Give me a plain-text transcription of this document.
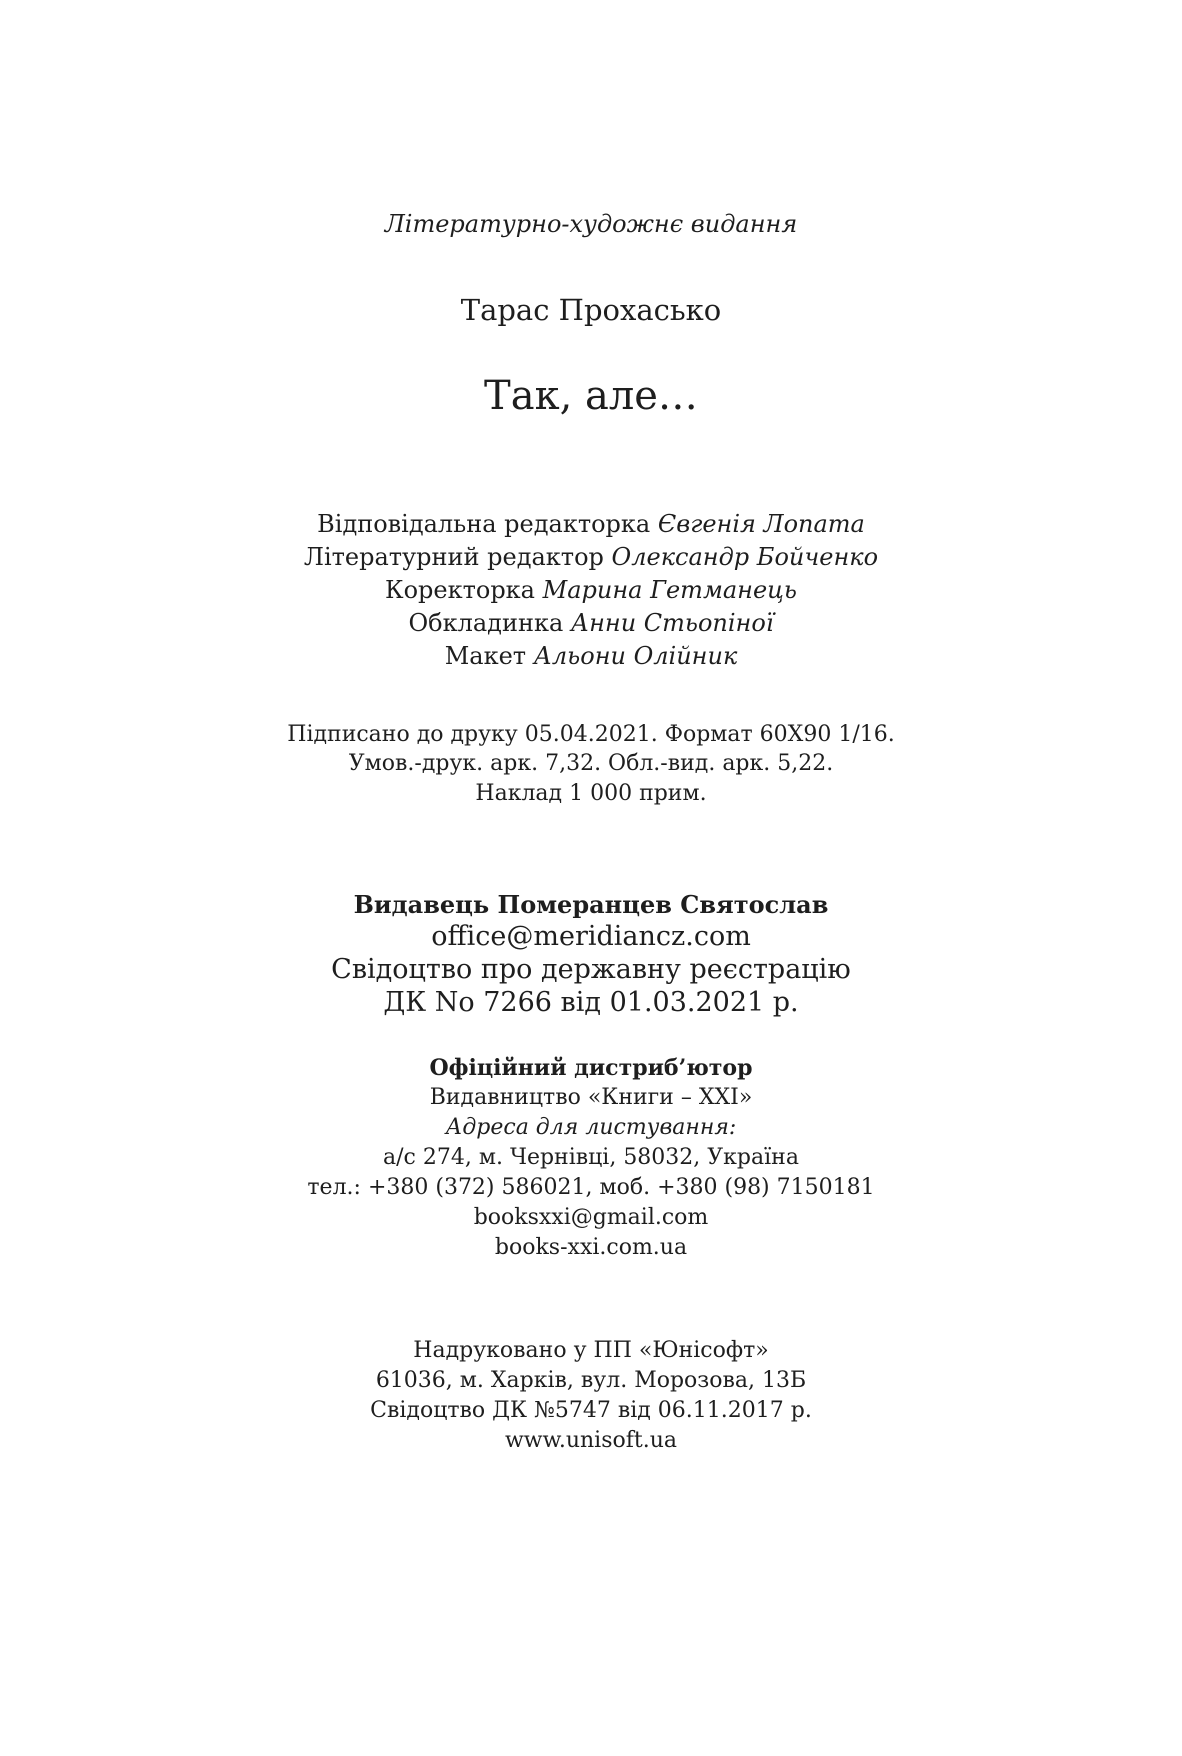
Літературно-художнє видання
Тарас Прохасько
Так, але…
Відповідальна редакторка Євгенія Лопата
Літературний редактор Олександр Бойченко
Коректорка Марина Гетманець
Обкладинка Анни Стьопіної
Макет Альони Олійник
Підписано до друку 05.04.2021. Формат 60X90 1/16.
Умов.-друк. арк. 7,32. Обл.-вид. арк. 5,22.
Наклад 1 000 прим.
Видавець Померанцев Святослав
office@meridiancz.com
Свідоцтво про державну реєстрацію
ДК No 7266 від 01.03.2021 р.
Офіційний дистриб’ютор
Видавництво «Книги – XXI»
Адреса для листування:
а/с 274, м. Чернівці, 58032, Україна
тел.: +380 (372) 586021, моб. +380 (98) 7150181
booksxxi@gmail.com
books-xxi.com.ua
Надруковано у ПП «Юнісофт»
61036, м. Харків, вул. Морозова, 13Б
Свідоцтво ДК №5747 від 06.11.2017 р.
www.unisoft.ua
